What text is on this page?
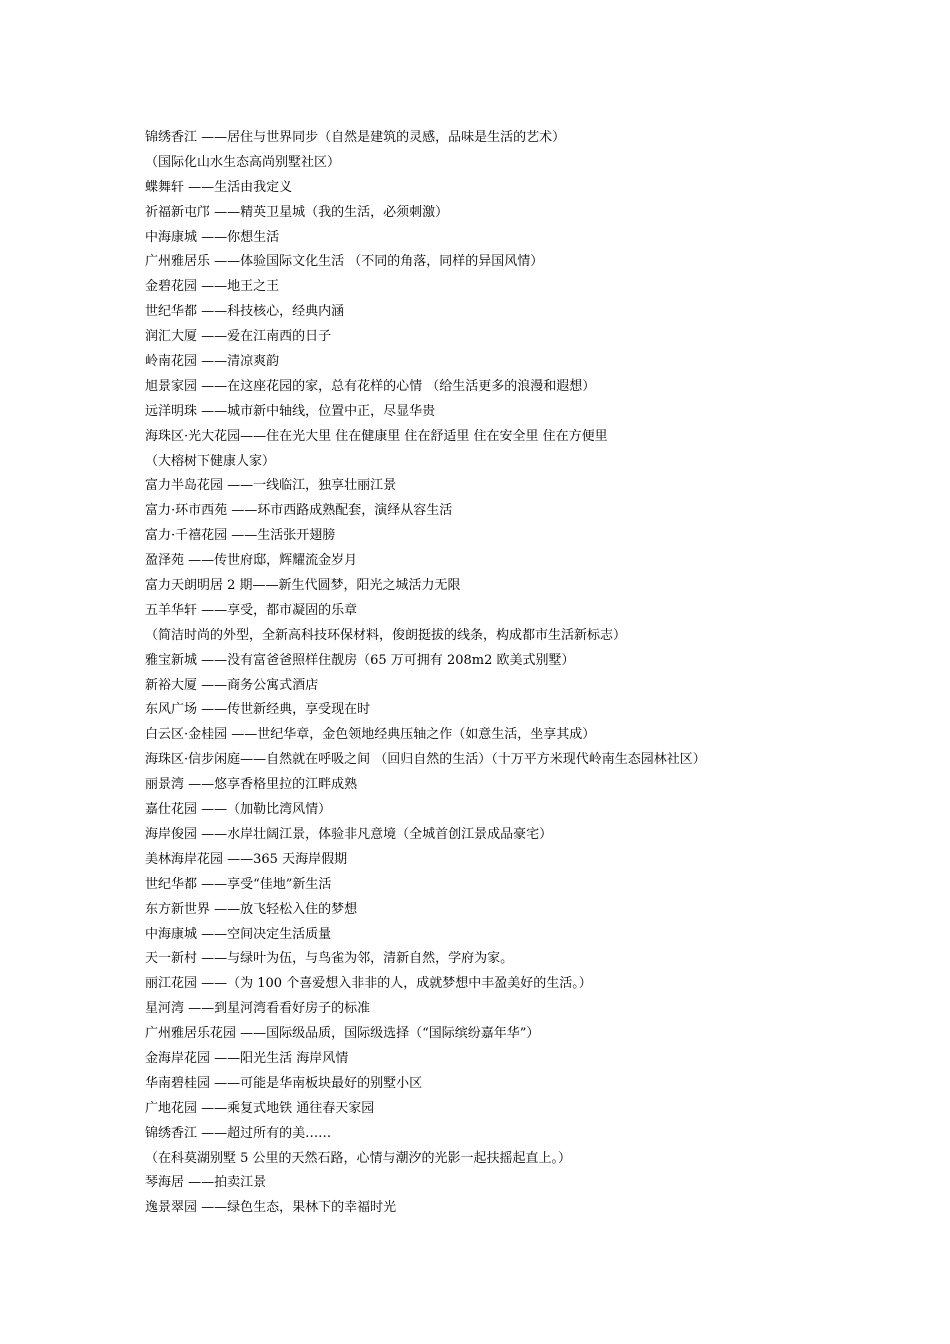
锦绣香江 ——居住与世界同步（自然是建筑的灵感，品味是生活的艺术）
（国际化山水生态高尚别墅社区）
蝶舞轩 ——生活由我定义
祈福新屯邝 ——精英卫星城（我的生活，必须刺激）
中海康城 ——你想生活
广州雅居乐 ——体验国际文化生活 （不同的角落，同样的异国风情）
金碧花园 ——地王之王
世纪华都 ——科技核心，经典内涵
润汇大厦 ——爱在江南西的日子
岭南花园 ——清凉爽韵
旭景家园 ——在这座花园的家，总有花样的心情 （给生活更多的浪漫和遐想）
远洋明珠 ——城市新中轴线，位置中正，尽显华贵
海珠区·光大花园——住在光大里 住在健康里 住在舒适里 住在安全里 住在方便里
（大榕树下健康人家）
富力半岛花园 ——一线临江，独享壮丽江景
富力·环市西苑 ——环市西路成熟配套，演绎从容生活
富力·千禧花园 ——生活张开翅膀
盈泽苑 ——传世府邸，辉耀流金岁月
富力天朗明居 2 期——新生代圆梦，阳光之城活力无限
五羊华轩 ——享受，都市凝固的乐章
（简洁时尚的外型，全新高科技环保材料，俊朗挺拔的线条，构成都市生活新标志）
雅宝新城 ——没有富爸爸照样住靓房（65 万可拥有 208m2 欧美式别墅）
新裕大厦 ——商务公寓式酒店
东风广场 ——传世新经典，享受现在时
白云区·金桂园 ——世纪华章，金色领地经典压轴之作（如意生活，坐享其成）
海珠区·信步闲庭——自然就在呼吸之间 （回归自然的生活）（十万平方米现代岭南生态园林社区）
丽景湾 ——悠享香格里拉的江畔成熟
嘉仕花园 ——（加勒比湾风情）
海岸俊园 ——水岸壮阔江景，体验非凡意境（全城首创江景成品豪宅）
美林海岸花园 ——365 天海岸假期
世纪华都 ——享受“佳地”新生活
东方新世界 ——放飞轻松入住的梦想
中海康城 ——空间决定生活质量
天一新村 ——与绿叶为伍，与鸟雀为邻，清新自然，学府为家。
丽江花园 ——（为 100 个喜爱想入非非的人，成就梦想中丰盈美好的生活。）
星河湾 ——到星河湾看看好房子的标准
广州雅居乐花园 ——国际级品质，国际级选择（“国际缤纷嘉年华”）
金海岸花园 ——阳光生活 海岸风情
华南碧桂园 ——可能是华南板块最好的别墅小区
广地花园 ——乘复式地铁 通往春天家园
锦绣香江 ——超过所有的美……
（在科莫湖别墅 5 公里的天然石路，心情与潮汐的光影一起扶摇起直上。）
琴海居 ——拍卖江景
逸景翠园 ——绿色生态，果林下的幸福时光
